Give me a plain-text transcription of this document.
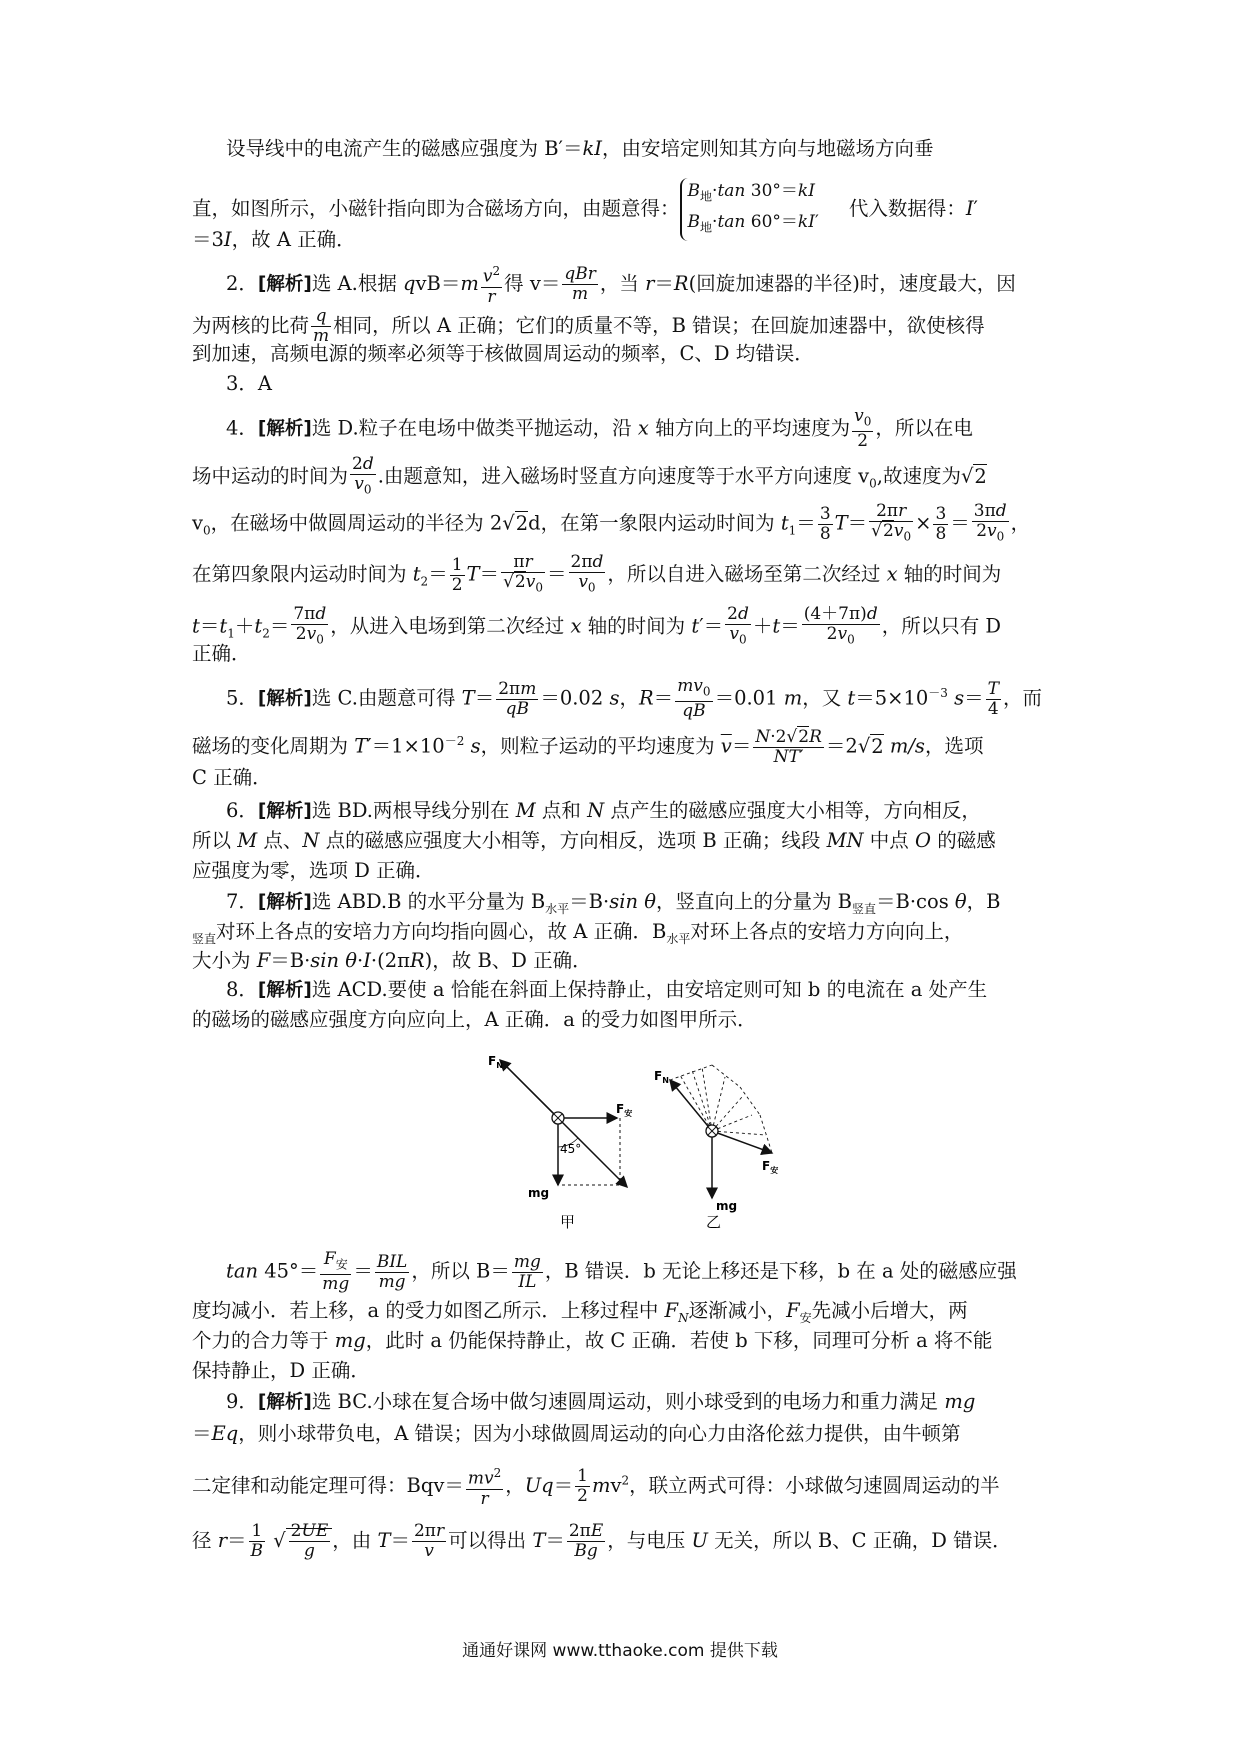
设导线中的电流产生的磁感应强度为 B′＝kI，由安培定则知其方向与地磁场方向垂
直，如图所示，小磁针指向即为合磁场方向，由题意得：
$B_地\cdot\tan$ 30°＝kI
$B_地\cdot\tan$ 60°＝kI′
代入数据得：I′
＝3I，故 A 正确．
2．[解析]选 A.根据 $qvB=m \frac{v^2}{r}$ 得 $v= \frac{\text{qBr}}{m}$ ，当 r＝R(回旋加速器的半径)时，速度最大，因
为两核的比荷 $\frac{q}{m}$ 相同，所以 A 正确；它们的质量不等，B 错误；在回旋加速器中，欲使核得
到加速，高频电源的频率必须等于核做圆周运动的频率，C、D 均错误．
3．A
4．[解析]选 D.粒子在电场中做类平抛运动，沿 x 轴方向上的平均速度为 $\frac{v_0}{2}$ ，所以在电
场中运动的时间为 $\frac{2d}{v_0}$ .由题意知，进入磁场时竖直方向速度等于水平方向速度 $v_0$,故速度为√2
$v_0$，在磁场中做圆周运动的半径为 2√2d，在第一象限内运动时间为 $t_1= \frac{3}{8} T= \frac{2\pi r}{√2v_0} \times \frac{3}{8} = \frac{3\pi d}{2v_0}$ ，
在第四象限内运动时间为 $t_2= \frac{1}{2} T= \frac{\pi r}{√2v_0} = \frac{2\pi d}{v_0}$ ，所以自进入磁场至第二次经过 x 轴的时间为
$t=t_1+t_2= \frac{7\pi d}{2v_0}$ ，从进入电场到第二次经过 x 轴的时间为 $t'= \frac{2d}{v_0} +t= \frac{(4+7\pi)d}{2v_0}$ ，所以只有 D
正确．
5．[解析]选 C.由题意可得 $T= \frac{2\pi m}{qB} =0.02$ s，$R= \frac{mv_0}{qB} =0.01$ m，又 $t=5\times 10^{-3}$ $s= \frac{T}{4}$ ，而
磁场的变化周期为 $T'=1\times 10^{-2}$ s，则粒子运动的平均速度为 $\overline{v}= \frac{N\cdot 2√2R}{NT'} =2√2$ m/s，选项
C 正确．
6．[解析]选 BD.两根导线分别在 M 点和 N 点产生的磁感应强度大小相等，方向相反，
所以 M 点、N 点的磁感应强度大小相等，方向相反，选项 B 正确；线段 MN 中点 O 的磁感
应强度为零，选项 D 正确．
7．[解析]选 ABD.B 的水平分量为 $B_{水平}=B\cdot\sin$ θ，竖直向上的分量为 $B_{竖直}=B\cdot\cos$ θ，B
$_{竖直}$对环上各点的安培力方向均指向圆心，故 A 正确．$B_{水平}$对环上各点的安培力方向向上，
大小为 F＝B·sin θ·I·(2πR)，故 B、D 正确．
8．[解析]选 ACD.要使 a 恰能在斜面上保持静止，由安培定则可知 b 的电流在 a 处产生
的磁场的磁感应强度方向应向上，A 正确．a 的受力如图甲所示．
$F_N$
$F_安$
mg
45°
甲
$F_N$
$F_安$
mg
乙
$\tan 45^\circ= \frac{F_安}{mg} = \frac{\text{BIL}}{mg}$ ，所以 $B= \frac{mg}{IL}$ ，B 错误．b 无论上移还是下移，b 在 a 处的磁感应强
度均减小．若上移，a 的受力如图乙所示．上移过程中 $F_N$逐渐减小，$F_安$先减小后增大，两
个力的合力等于 mg，此时 a 仍能保持静止，故 C 正确．若使 b 下移，同理可分析 a 将不能
保持静止，D 正确．
9．[解析]选 BC.小球在复合场中做匀速圆周运动，则小球受到的电场力和重力满足 mg
＝Eq，则小球带负电，A 错误；因为小球做圆周运动的向心力由洛伦兹力提供，由牛顿第
二定律和动能定理可得：$Bqv= \frac{mv^2}{r}$ ，$Uq= \frac{1}{2} mv^2$，联立两式可得：小球做匀速圆周运动的半
径 $r= \frac{1}{B}$ √ $\frac{2UE}{g}$ ，由 $T= \frac{2\pi r}{v}$ 可以得出 $T= \frac{2\pi E}{Bg}$ ，与电压 U 无关，所以 B、C 正确，D 错误．
通通好课网 www.tthaoke.com 提供下载
